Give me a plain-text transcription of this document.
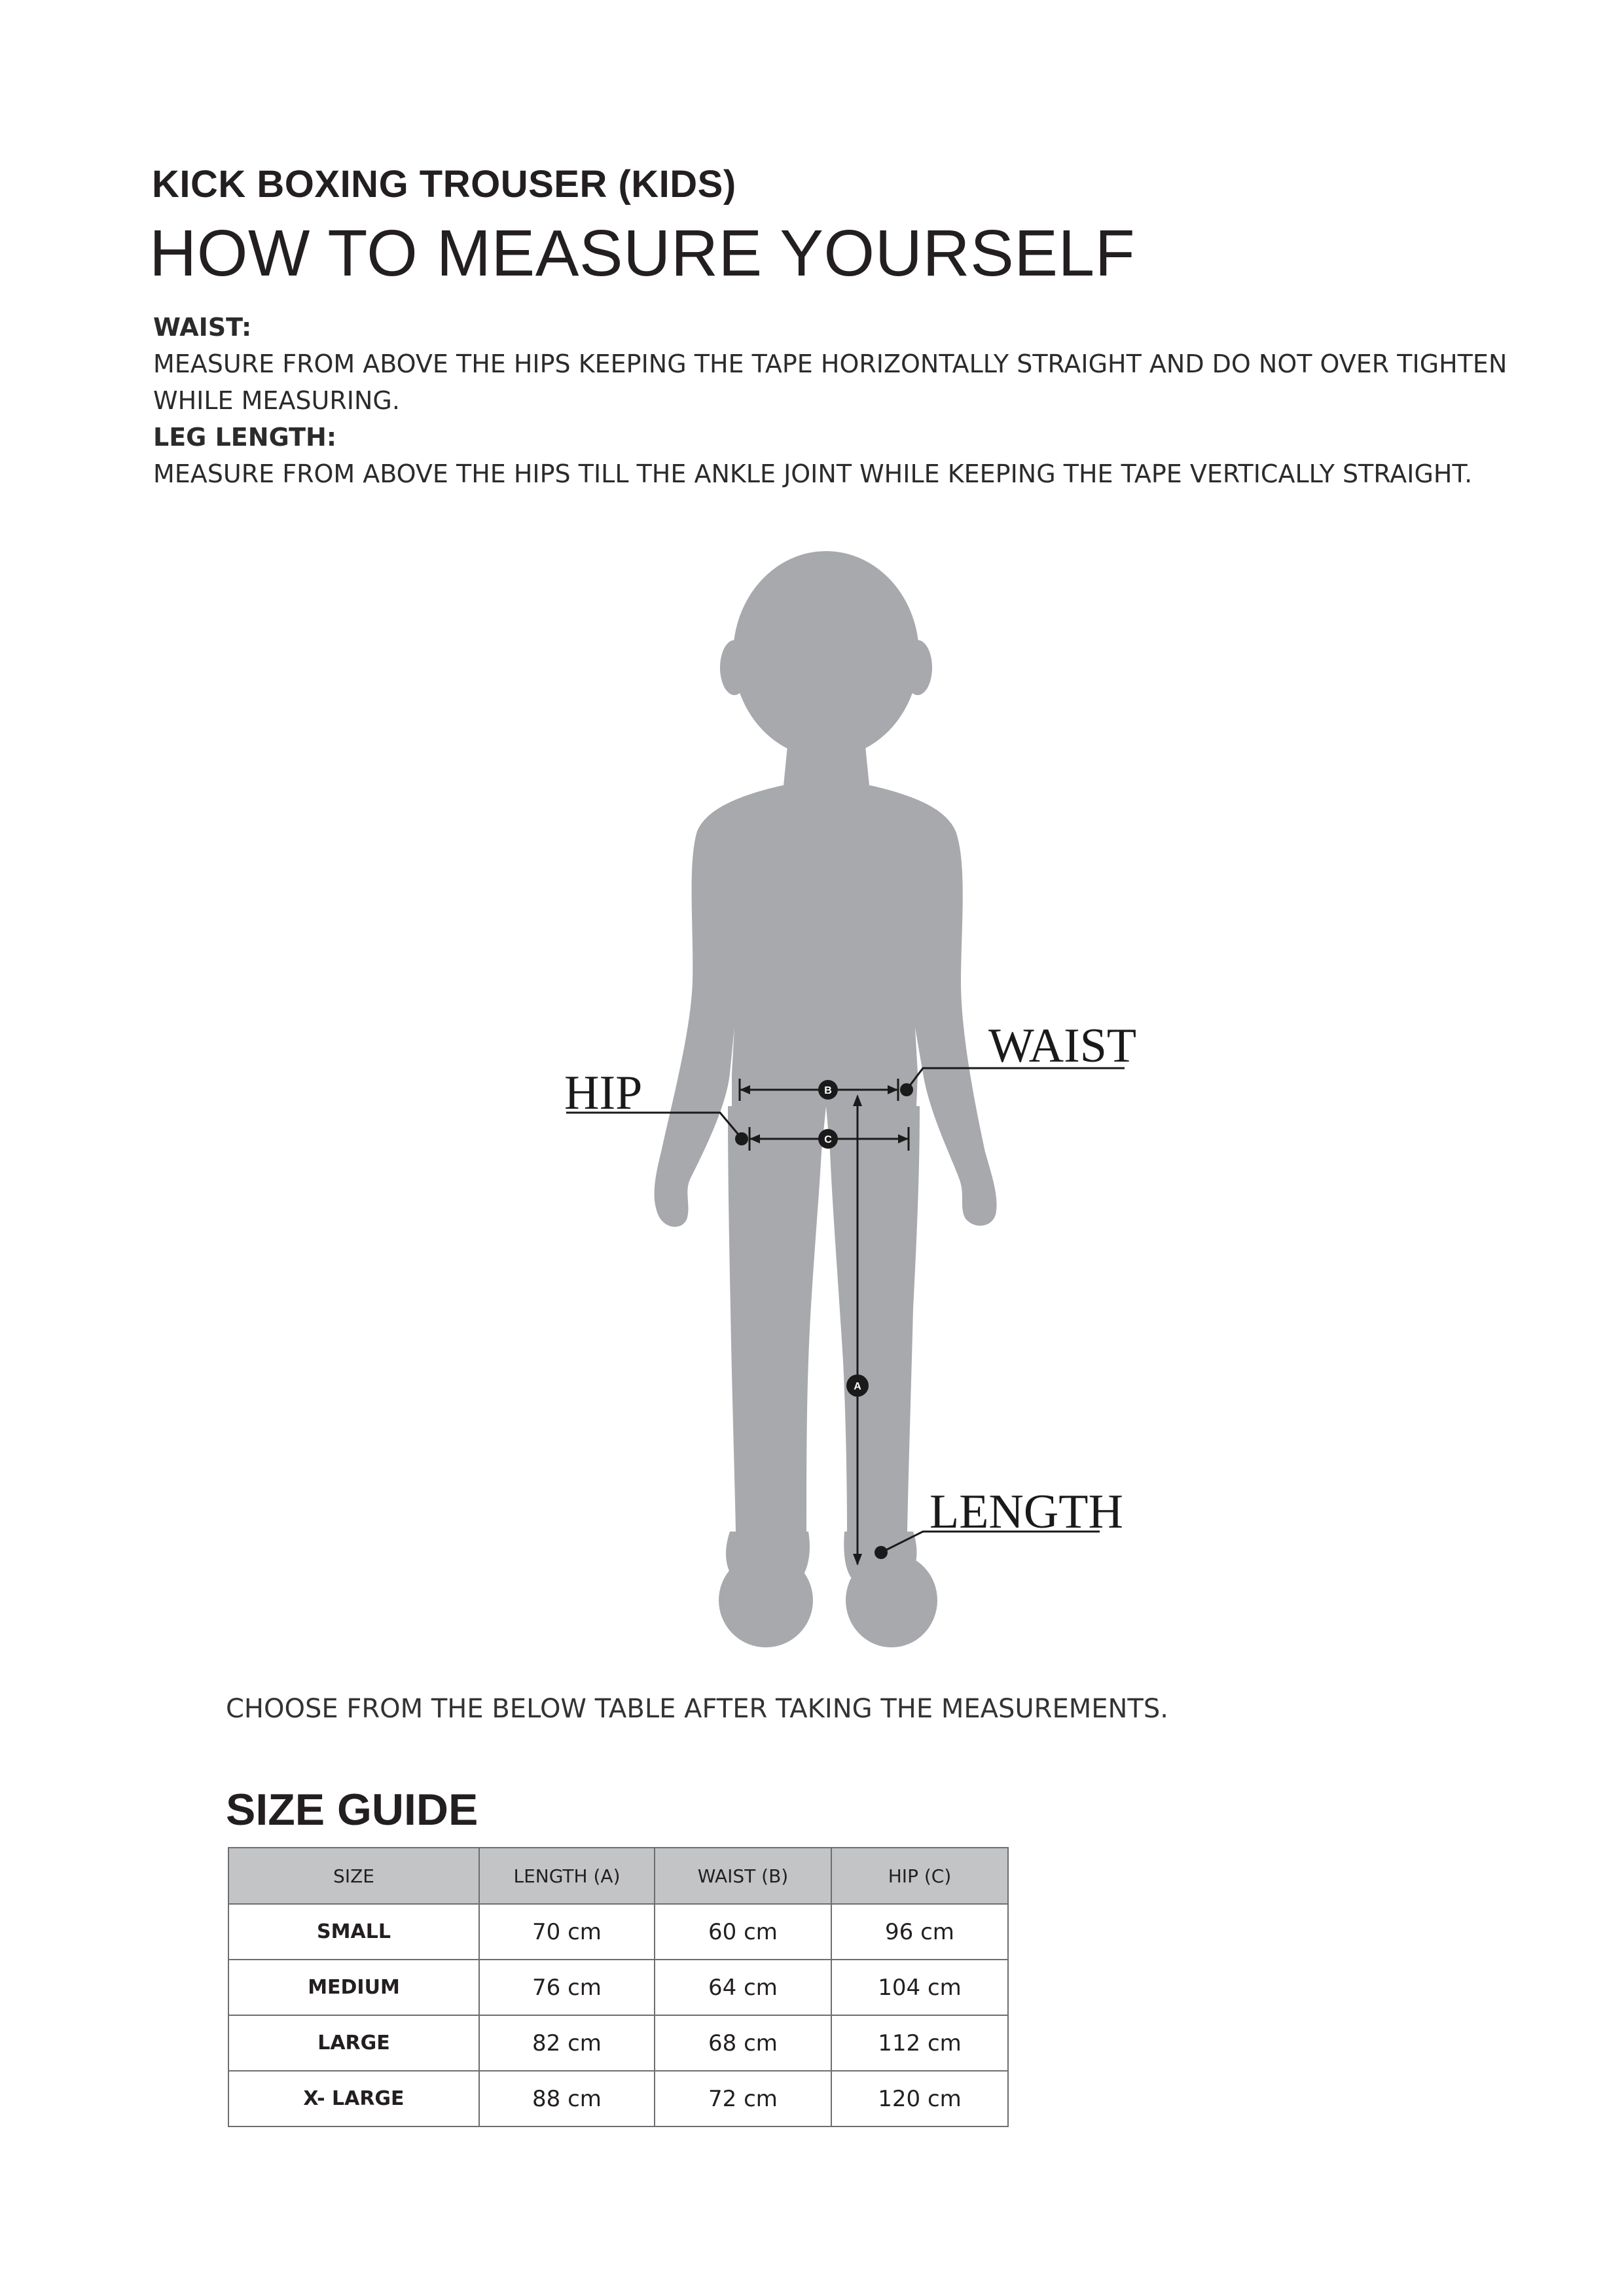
KICK BOXING TROUSER (KIDS)
HOW TO MEASURE YOURSELF
WAIST:
MEASURE FROM ABOVE THE HIPS KEEPING THE TAPE HORIZONTALLY STRAIGHT AND DO NOT OVER TIGHTEN
WHILE MEASURING.
LEG LENGTH:
MEASURE FROM ABOVE THE HIPS TILL THE ANKLE JOINT WHILE KEEPING THE TAPE VERTICALLY STRAIGHT.
B
C
A
WAIST
HIP
LENGTH
CHOOSE FROM THE BELOW TABLE AFTER TAKING THE MEASUREMENTS.
SIZE GUIDE
SIZE	LENGTH (A)	WAIST (B)	HIP (C)
SMALL	70 cm	60 cm	96 cm
MEDIUM	76 cm	64 cm	104 cm
LARGE	82 cm	68 cm	112 cm
X- LARGE	88 cm	72 cm	120 cm
